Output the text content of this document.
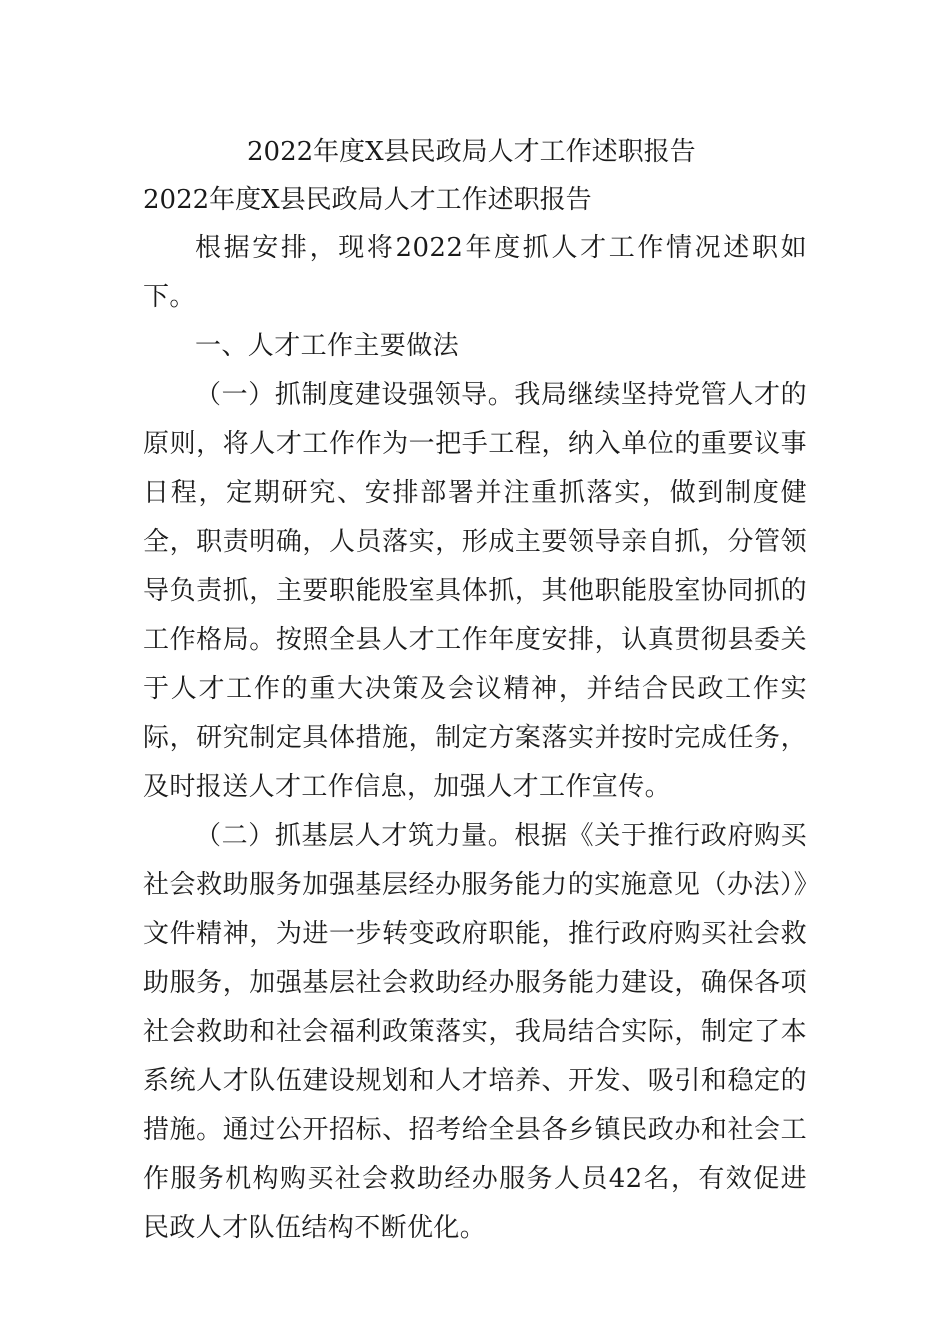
2022年度X县民政局人才工作述职报告
2022年度X县民政局人才工作述职报告

根据安排，现将2022年度抓人才工作情况述职如下。

一、人才工作主要做法

（一）抓制度建设强领导。我局继续坚持党管人才的原则，将人才工作作为一把手工程，纳入单位的重要议事日程，定期研究、安排部署并注重抓落实，做到制度健全，职责明确，人员落实，形成主要领导亲自抓，分管领导负责抓，主要职能股室具体抓，其他职能股室协同抓的工作格局。按照全县人才工作年度安排，认真贯彻县委关于人才工作的重大决策及会议精神，并结合民政工作实际，研究制定具体措施，制定方案落实并按时完成任务，及时报送人才工作信息，加强人才工作宣传。

（二）抓基层人才筑力量。根据《关于推行政府购买社会救助服务加强基层经办服务能力的实施意见（办法）》文件精神，为进一步转变政府职能，推行政府购买社会救助服务，加强基层社会救助经办服务能力建设，确保各项社会救助和社会福利政策落实，我局结合实际，制定了本系统人才队伍建设规划和人才培养、开发、吸引和稳定的措施。通过公开招标、招考给全县各乡镇民政办和社会工作服务机构购买社会救助经办服务人员42名，有效促进民政人才队伍结构不断优化。
